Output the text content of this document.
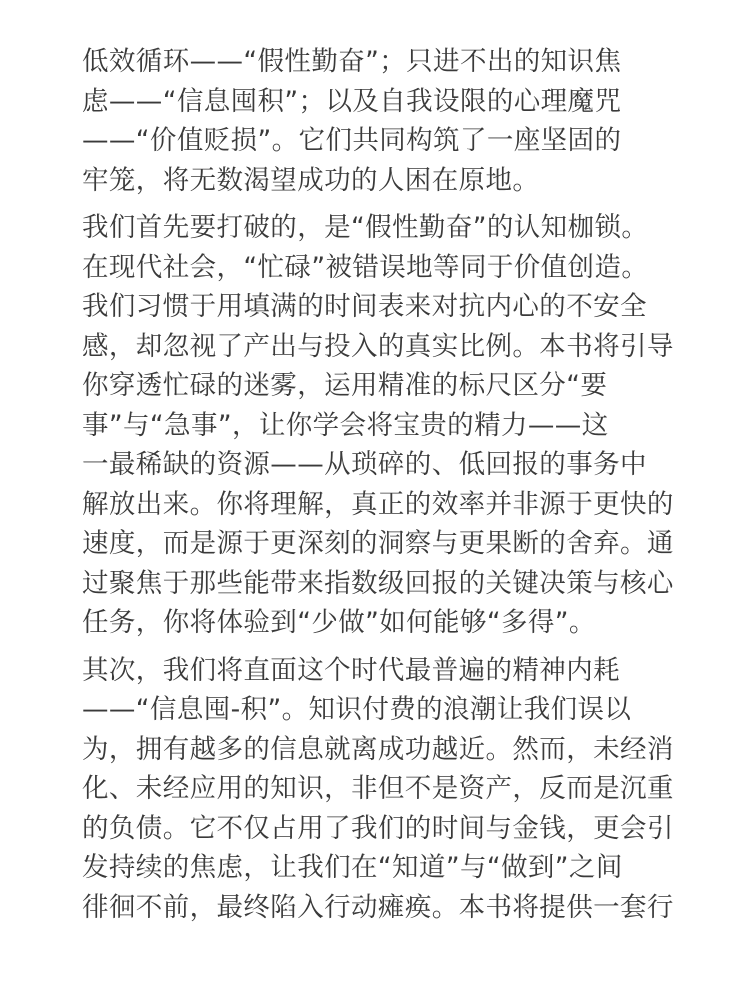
低效循环——“假性勤奋”；只进不出的知识焦
虑——“信息囤积”；以及自我设限的心理魔咒
——“价值贬损”。它们共同构筑了一座坚固的
牢笼，将无数渴望成功的人困在原地。

我们首先要打破的，是“假性勤奋”的认知枷锁。
在现代社会，“忙碌”被错误地等同于价值创造。
我们习惯于用填满的时间表来对抗内心的不安全
感，却忽视了产出与投入的真实比例。本书将引导
你穿透忙碌的迷雾，运用精准的标尺区分“要
事”与“急事”，让你学会将宝贵的精力——这
一最稀缺的资源——从琐碎的、低回报的事务中
解放出来。你将理解，真正的效率并非源于更快的
速度，而是源于更深刻的洞察与更果断的舍弃。通
过聚焦于那些能带来指数级回报的关键决策与核心
任务，你将体验到“少做”如何能够“多得”。

其次，我们将直面这个时代最普遍的精神内耗
——“信息囤-积”。知识付费的浪潮让我们误以
为，拥有越多的信息就离成功越近。然而，未经消
化、未经应用的知识，非但不是资产，反而是沉重
的负债。它不仅占用了我们的时间与金钱，更会引
发持续的焦虑，让我们在“知道”与“做到”之间
徘徊不前，最终陷入行动瘫痪。本书将提供一套行
